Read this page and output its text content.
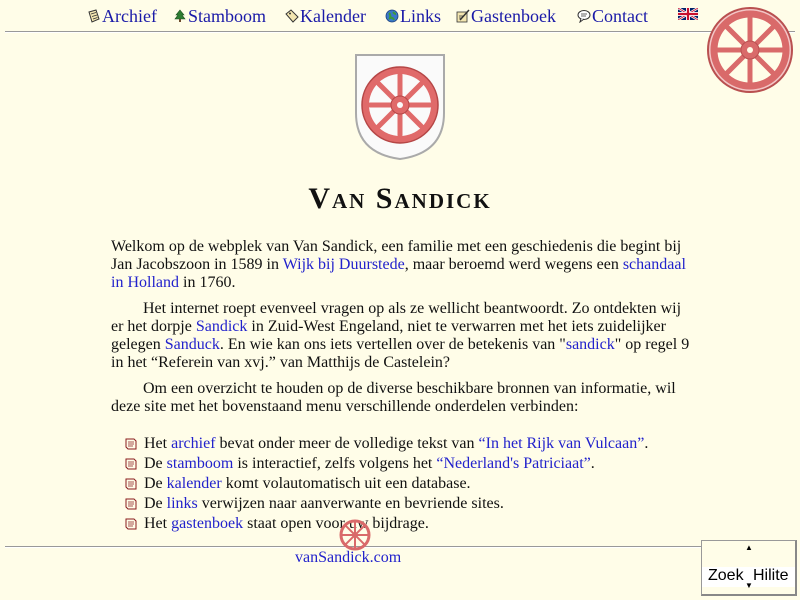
Archief	Stamboom	Kalender	Links	Gastenboek	Contact
Van Sandick

Welkom op de webplek van Van Sandick, een familie met een geschiedenis die begint bij Jan Jacobszoon in 1589 in Wijk bij Duurstede, maar beroemd werd wegens een schandaal in Holland in 1760.

Het internet roept evenveel vragen op als ze wellicht beantwoordt. Zo ontdekten wij er het dorpje Sandick in Zuid-West Engeland, niet te verwarren met het iets zuidelijker gelegen Sanduck. En wie kan ons iets vertellen over de betekenis van "sandick" op regel 9 in het “Referein van xvj.” van Matthijs de Castelein?

Om een overzicht te houden op de diverse beschikbare bronnen van informatie, wil deze site met het bovenstaand menu verschillende onderdelen verbinden:

Het archief bevat onder meer de volledige tekst van “In het Rijk van Vulcaan”.
De stamboom is interactief, zelfs volgens het “Nederland's Patriciaat”.
De kalender komt volautomatisch uit een database.
De links verwijzen naar aanverwante en bevriende sites.
Het gastenboek staat open voor uw bijdrage.
vanSandick.com
▲
Zoek Hilite
▼
